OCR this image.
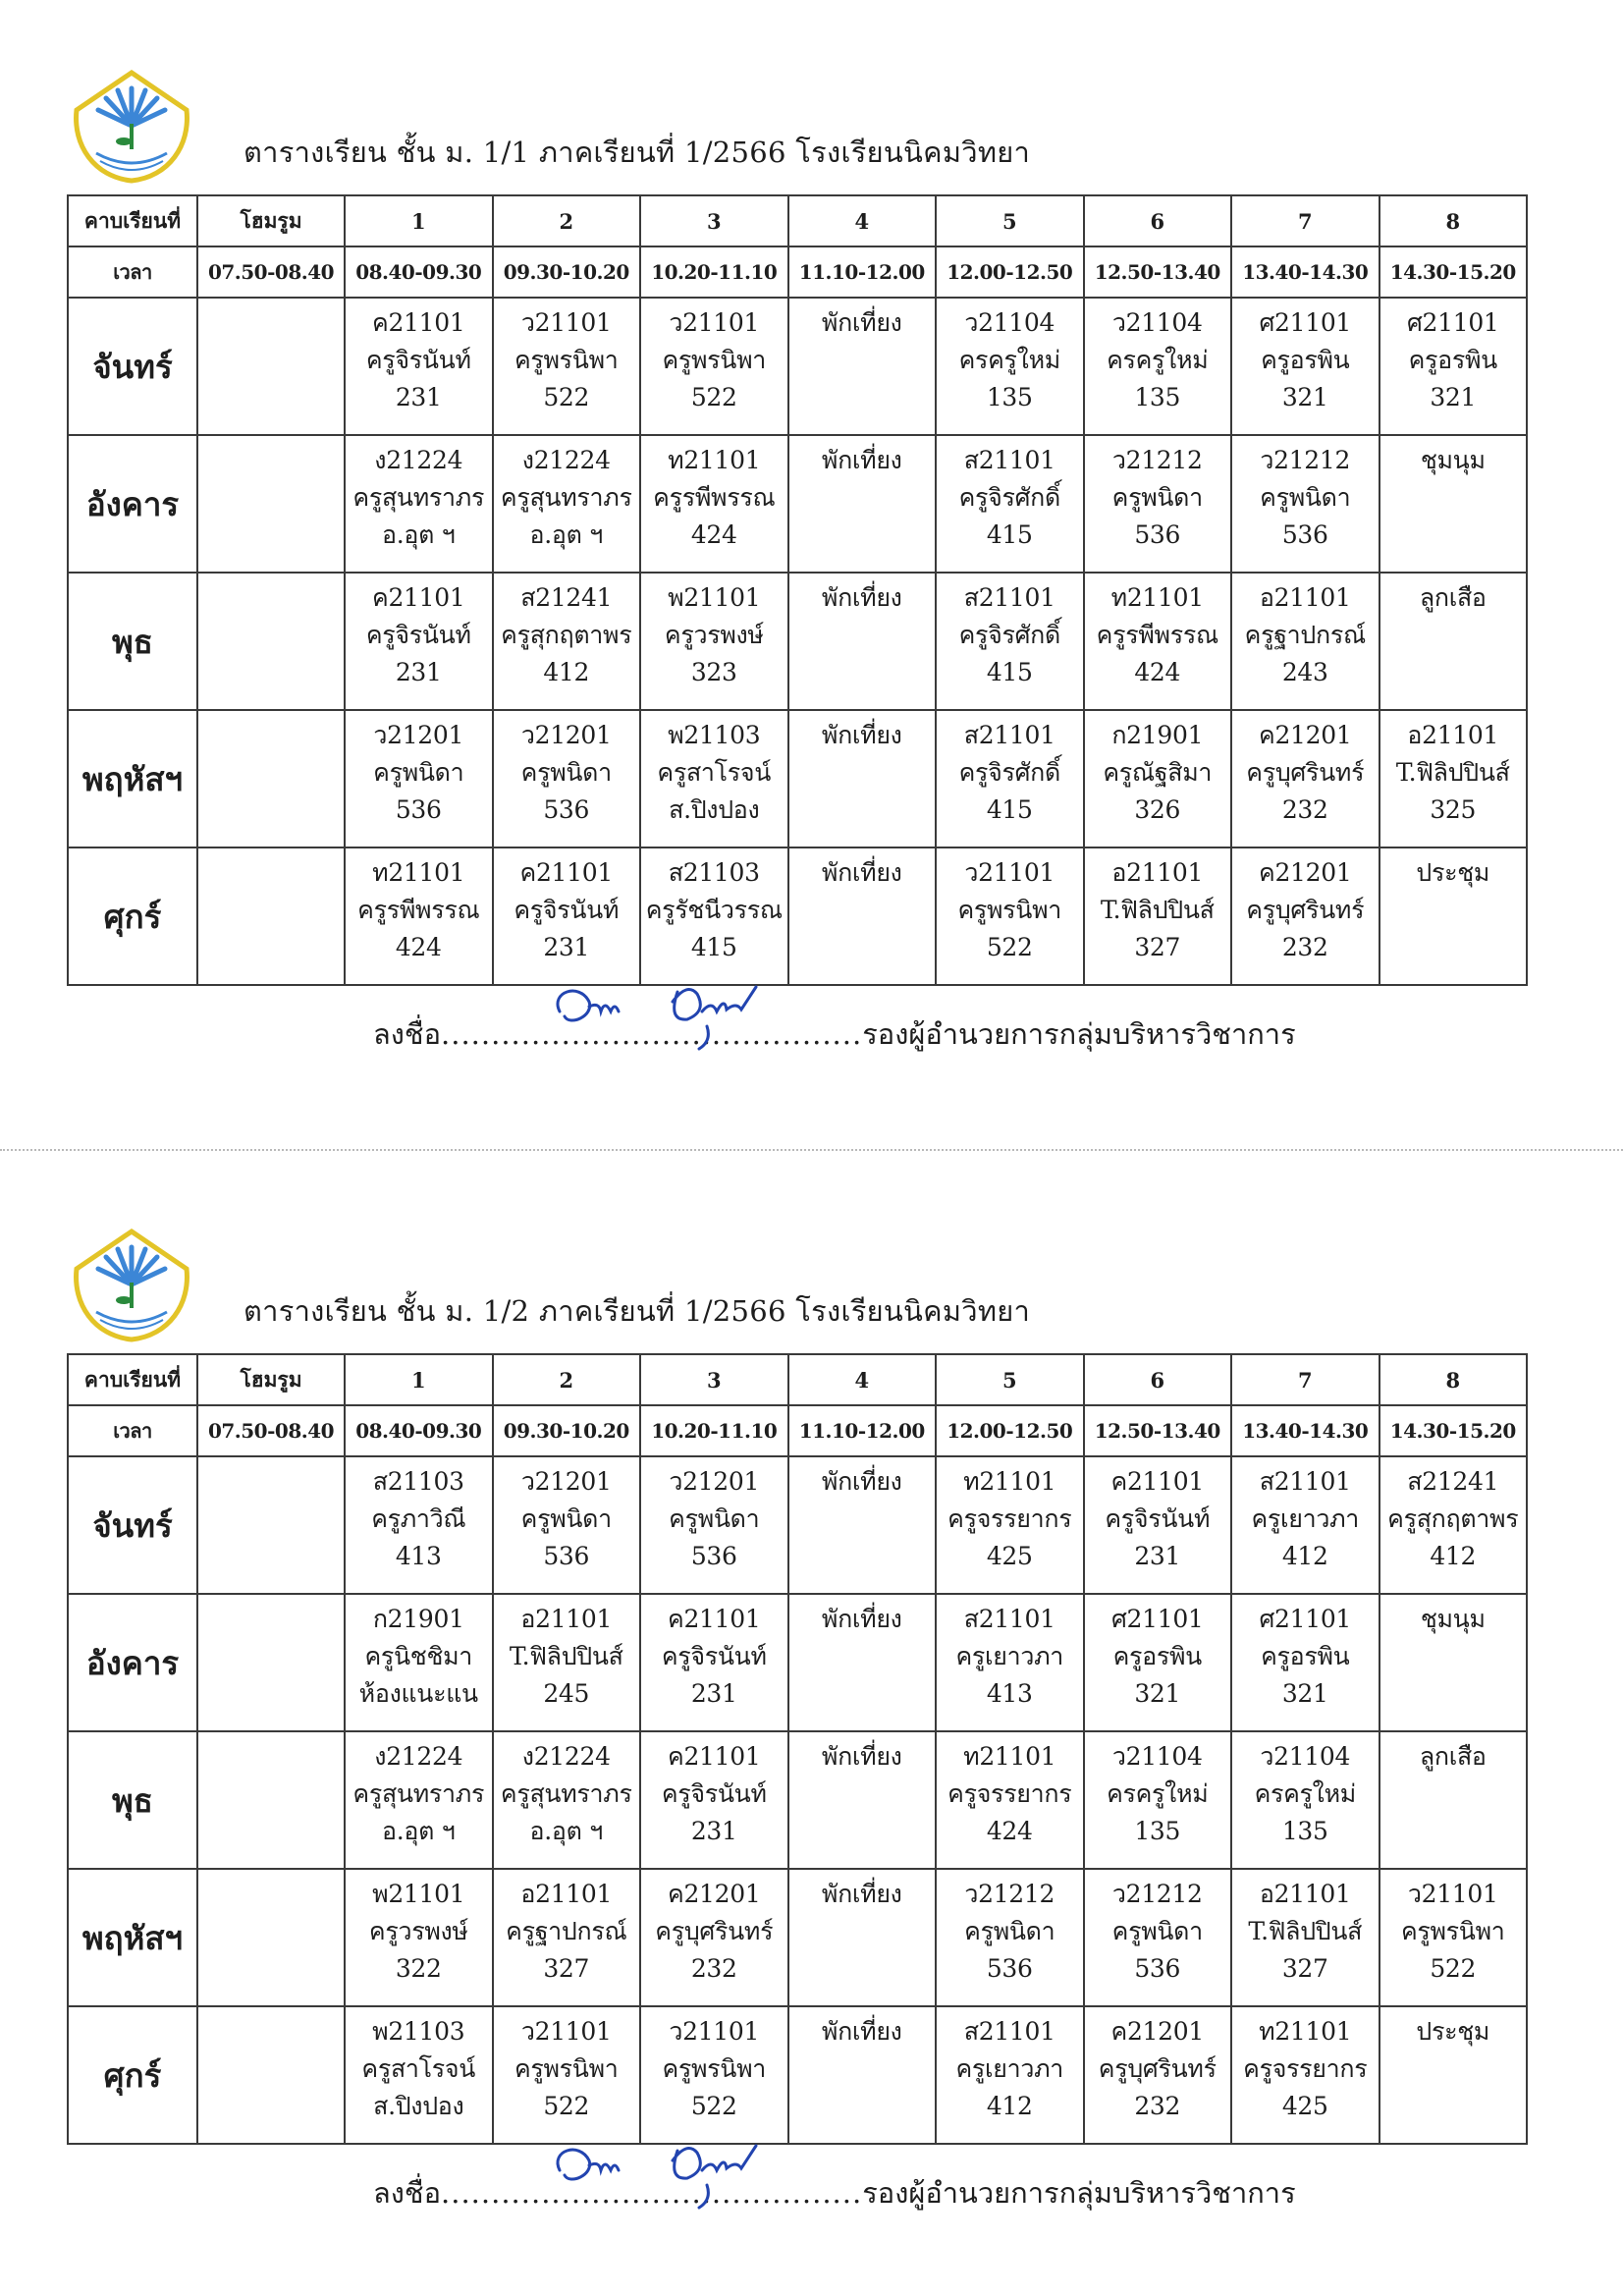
ตารางเรียน ชั้น ม. 1/1 ภาคเรียนที่ 1/2566 โรงเรียนนิคมวิทยา
คาบเรียนที่	โฮมรูม	1	2	3	4	5	6	7	8
เวลา	07.50-08.40	08.40-09.30	09.30-10.20	10.20-11.10	11.10-12.00	12.00-12.50	12.50-13.40	13.40-14.30	14.30-15.20
จันทร์		ค21101
ครูจิรนันท์
231	ว21101
ครูพรนิพา
522	ว21101
ครูพรนิพา
522	พักเที่ยง	ว21104
ครครูใหม่
135	ว21104
ครครูใหม่
135	ศ21101
ครูอรพิน
321	ศ21101
ครูอรพิน
321

อังคาร		ง21224
ครูสุนทราภร
อ.อุต ฯ	ง21224
ครูสุนทราภร
อ.อุต ฯ	ท21101
ครูรพีพรรณ
424	พักเที่ยง	ส21101
ครูจิรศักดิ์
415	ว21212
ครูพนิดา
536	ว21212
ครูพนิดา
536	ชุมนุม

พุธ		ค21101
ครูจิรนันท์
231	ส21241
ครูสุกฤตาพร
412	พ21101
ครูวรพงษ์
323	พักเที่ยง	ส21101
ครูจิรศักดิ์
415	ท21101
ครูรพีพรรณ
424	อ21101
ครูฐาปกรณ์
243	ลูกเสือ

พฤหัสฯ		ว21201
ครูพนิดา
536	ว21201
ครูพนิดา
536	พ21103
ครูสาโรจน์
ส.ปิงปอง	พักเที่ยง	ส21101
ครูจิรศักดิ์
415	ก21901
ครูณัฐสิมา
326	ค21201
ครูบุศรินทร์
232	อ21101
T.ฟิลิปปินส์
325

ศุกร์		ท21101
ครูรพีพรรณ
424	ค21101
ครูจิรนันท์
231	ส21103
ครูรัชนีวรรณ
415	พักเที่ยง	ว21101
ครูพรนิพา
522	อ21101
T.ฟิลิปปินส์
327	ค21201
ครูบุศรินทร์
232	ประชุม
ลงชื่อ..........................................รองผู้อำนวยการกลุ่มบริหารวิชาการ
ตารางเรียน ชั้น ม. 1/2 ภาคเรียนที่ 1/2566 โรงเรียนนิคมวิทยา
คาบเรียนที่	โฮมรูม	1	2	3	4	5	6	7	8
เวลา	07.50-08.40	08.40-09.30	09.30-10.20	10.20-11.10	11.10-12.00	12.00-12.50	12.50-13.40	13.40-14.30	14.30-15.20
จันทร์		ส21103
ครูภาวิณี
413	ว21201
ครูพนิดา
536	ว21201
ครูพนิดา
536	พักเที่ยง	ท21101
ครูจรรยากร
425	ค21101
ครูจิรนันท์
231	ส21101
ครูเยาวภา
412	ส21241
ครูสุกฤตาพร
412

อังคาร		ก21901
ครูนิชชิมา
ห้องแนะแน	อ21101
T.ฟิลิปปินส์
245	ค21101
ครูจิรนันท์
231	พักเที่ยง	ส21101
ครูเยาวภา
413	ศ21101
ครูอรพิน
321	ศ21101
ครูอรพิน
321	ชุมนุม

พุธ		ง21224
ครูสุนทราภร
อ.อุต ฯ	ง21224
ครูสุนทราภร
อ.อุต ฯ	ค21101
ครูจิรนันท์
231	พักเที่ยง	ท21101
ครูจรรยากร
424	ว21104
ครครูใหม่
135	ว21104
ครครูใหม่
135	ลูกเสือ

พฤหัสฯ		พ21101
ครูวรพงษ์
322	อ21101
ครูฐาปกรณ์
327	ค21201
ครูบุศรินทร์
232	พักเที่ยง	ว21212
ครูพนิดา
536	ว21212
ครูพนิดา
536	อ21101
T.ฟิลิปปินส์
327	ว21101
ครูพรนิพา
522

ศุกร์		พ21103
ครูสาโรจน์
ส.ปิงปอง	ว21101
ครูพรนิพา
522	ว21101
ครูพรนิพา
522	พักเที่ยง	ส21101
ครูเยาวภา
412	ค21201
ครูบุศรินทร์
232	ท21101
ครูจรรยากร
425	ประชุม
ลงชื่อ..........................................รองผู้อำนวยการกลุ่มบริหารวิชาการ
